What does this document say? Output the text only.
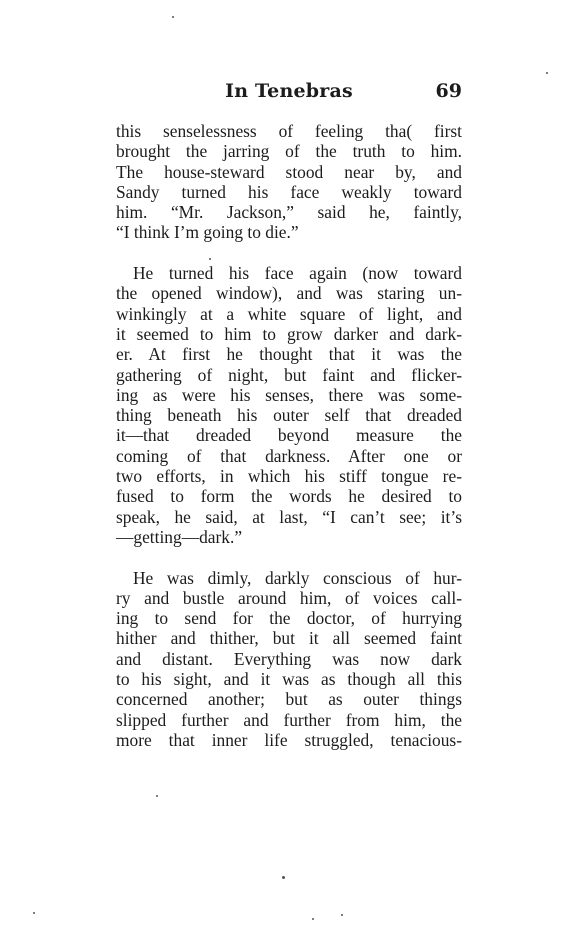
In Tenebras	69

this senselessness of feeling tha( first
brought the jarring of the truth to him.
The house-steward stood near by, and
Sandy turned his face weakly toward
him. “Mr. Jackson,” said he, faintly,
“I think I’m going to die.”

He turned his face again (now toward
the opened window), and was staring un-
winkingly at a white square of light, and
it seemed to him to grow darker and dark-
er. At first he thought that it was the
gathering of night, but faint and flicker-
ing as were his senses, there was some-
thing beneath his outer self that dreaded
it—that dreaded beyond measure the
coming of that darkness. After one or
two efforts, in which his stiff tongue re-
fused to form the words he desired to
speak, he said, at last, “I can’t see; it’s
—getting—dark.”

He was dimly, darkly conscious of hur-
ry and bustle around him, of voices call-
ing to send for the doctor, of hurrying
hither and thither, but it all seemed faint
and distant. Everything was now dark
to his sight, and it was as though all this
concerned another; but as outer things
slipped further and further from him, the
more that inner life struggled, tenacious-
